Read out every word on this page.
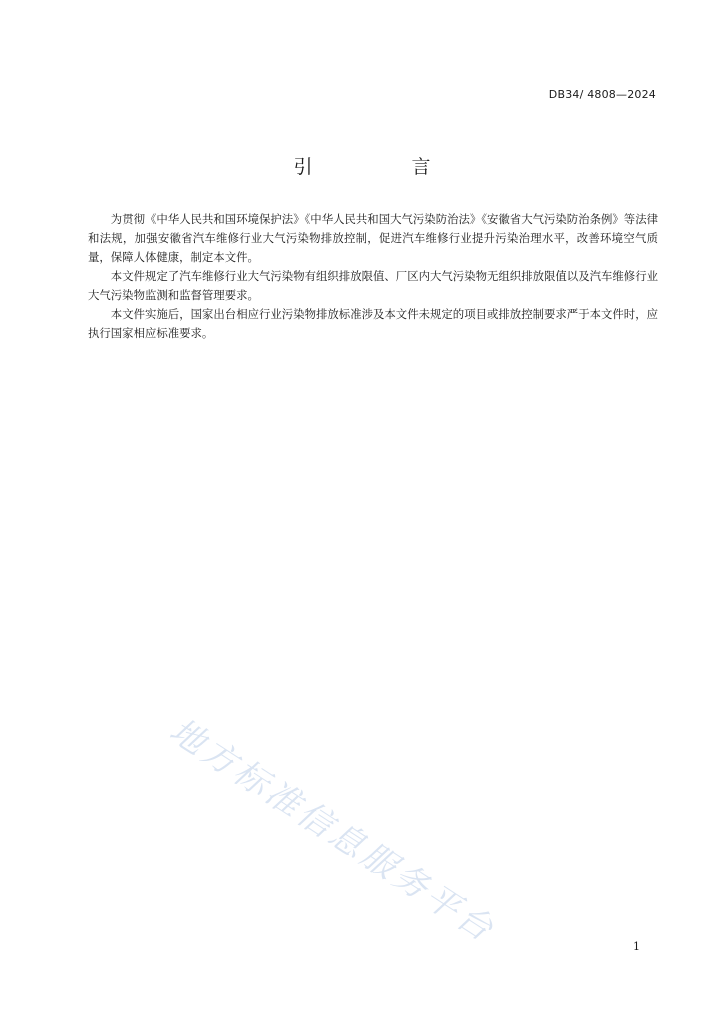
DB34/ 4808—2024
引　言

为贯彻《中华人民共和国环境保护法》《中华人民共和国大气污染防治法》《安徽省大气污染防治条例》等法律和法规，加强安徽省汽车维修行业大气污染物排放控制，促进汽车维修行业提升污染治理水平，改善环境空气质量，保障人体健康，制定本文件。

本文件规定了汽车维修行业大气污染物有组织排放限值、厂区内大气污染物无组织排放限值以及汽车维修行业大气污染物监测和监督管理要求。

本文件实施后，国家出台相应行业污染物排放标准涉及本文件未规定的项目或排放控制要求严于本文件时，应执行国家相应标准要求。

地方标准信息服务平台	1
